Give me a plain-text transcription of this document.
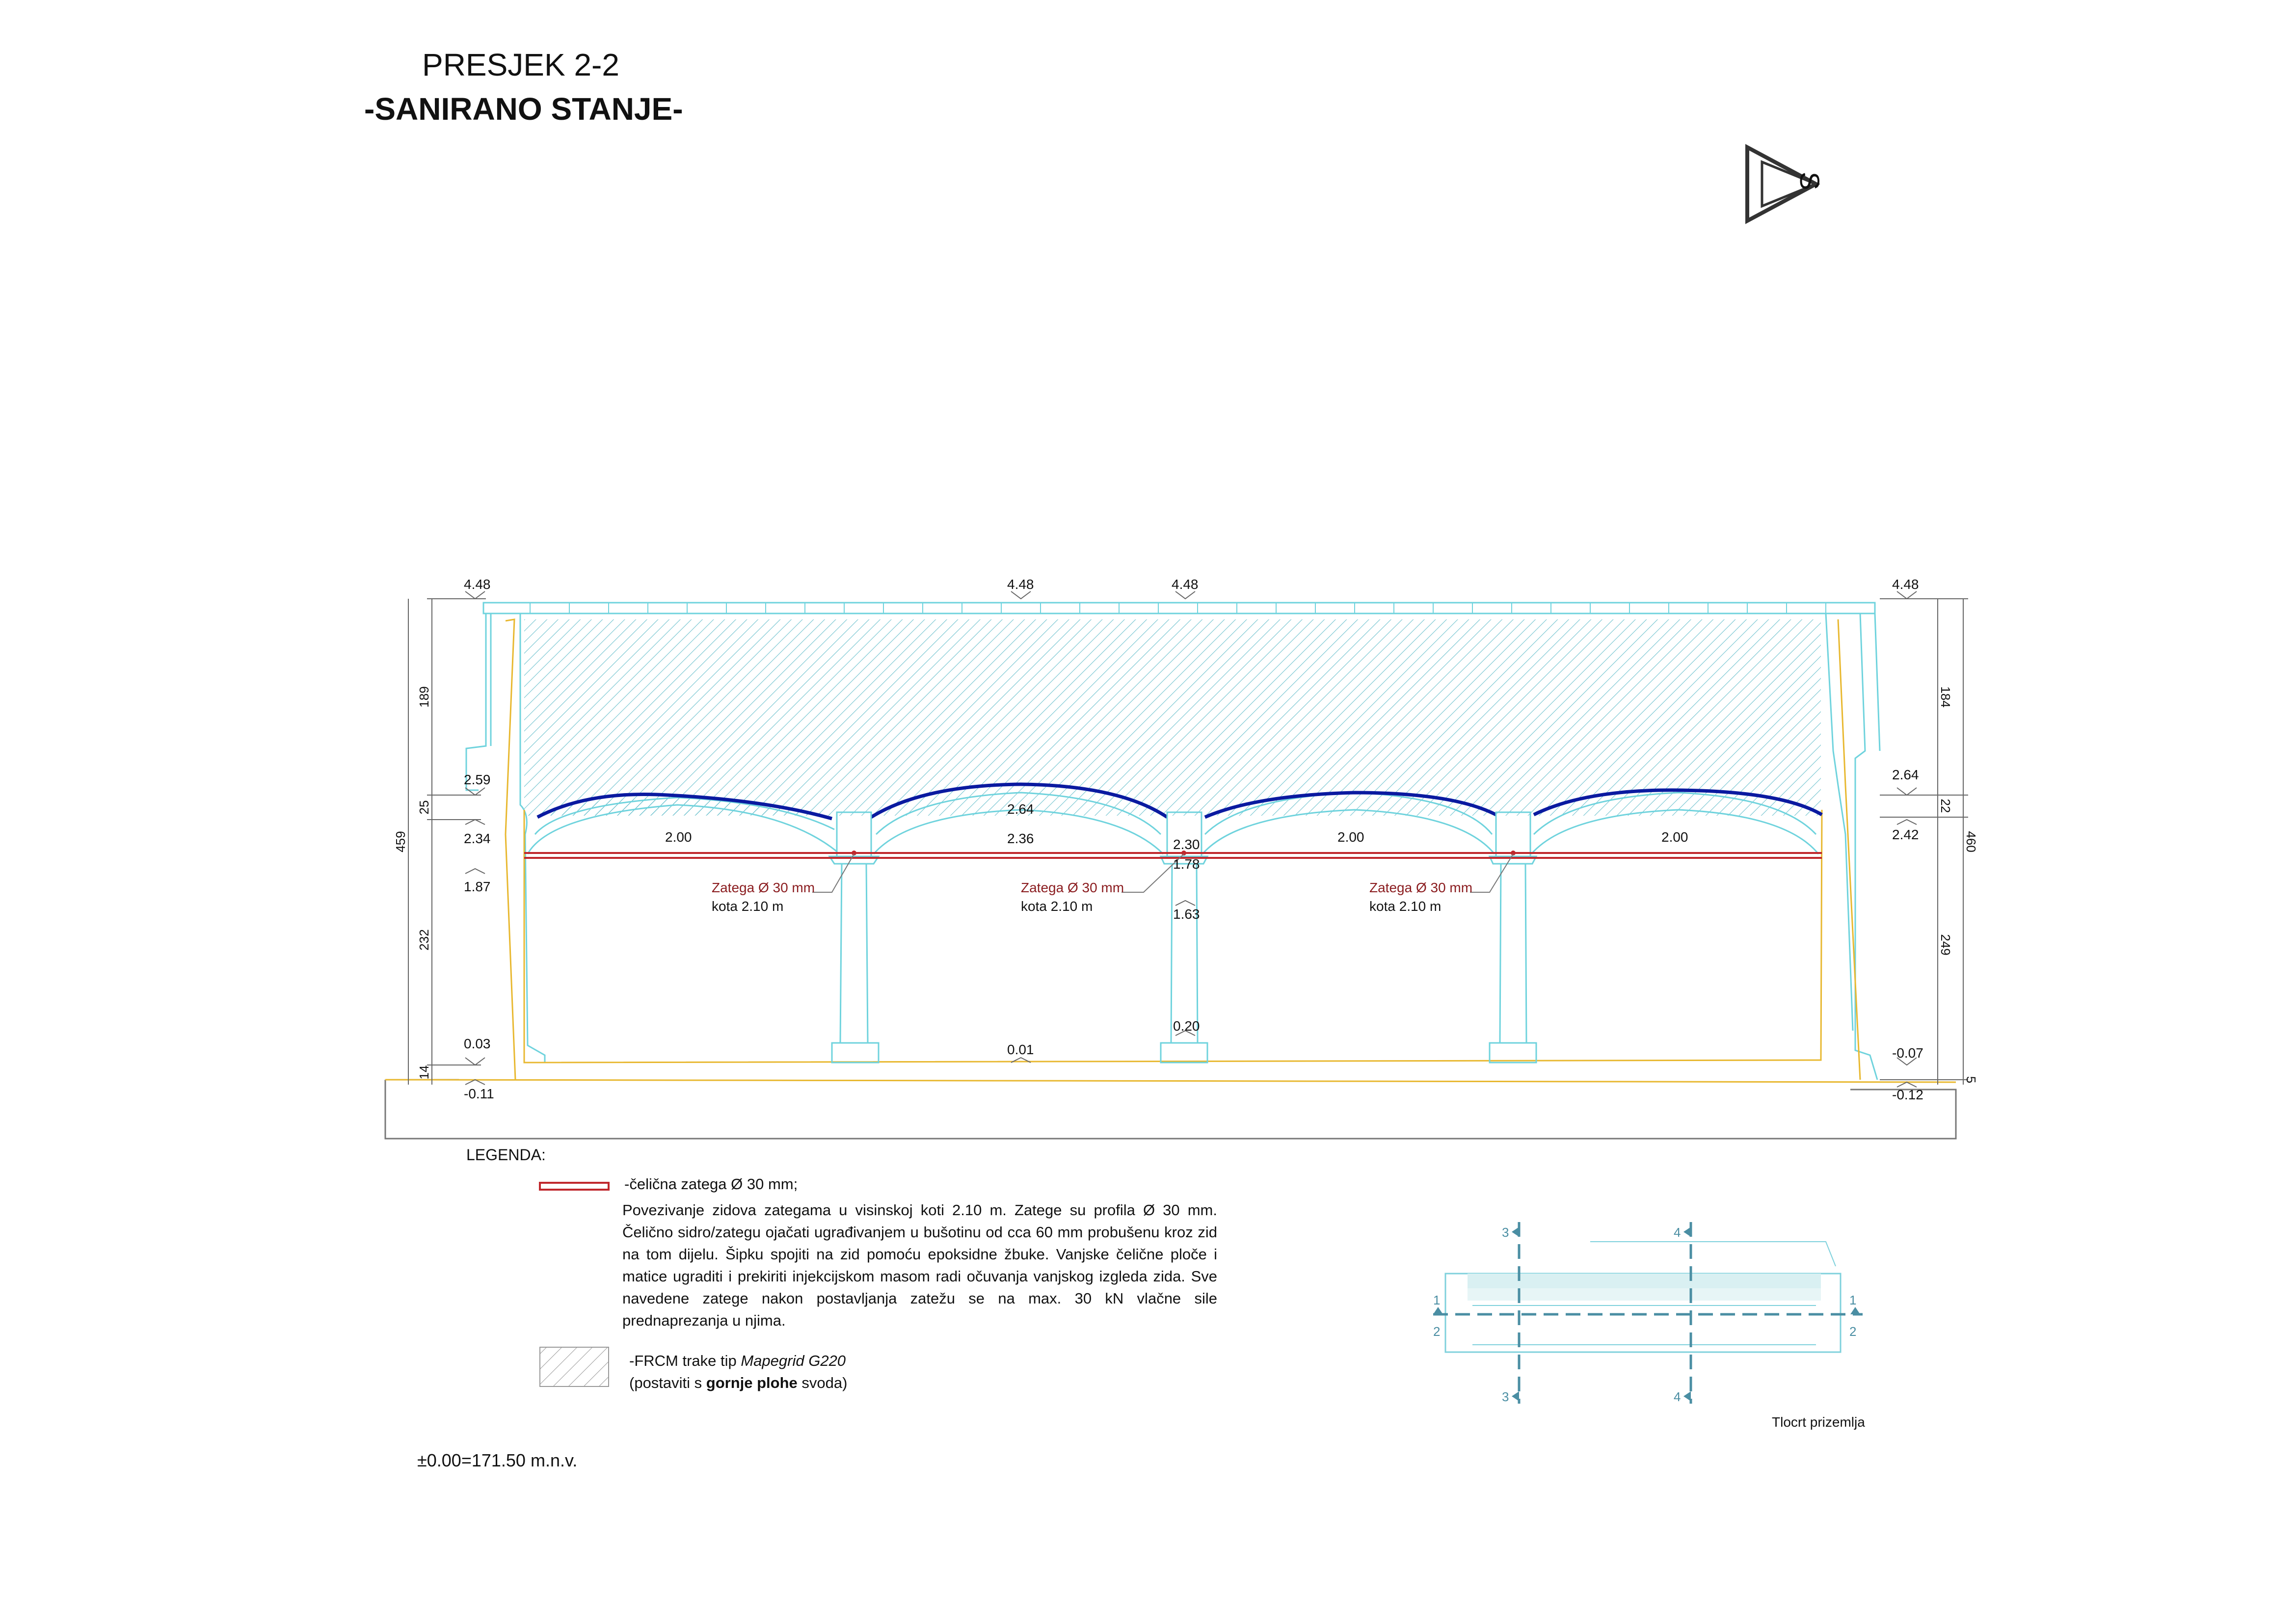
PRESJEK 2-2
-SANIRANO STANJE-
4.48	4.48	4.48	4.48
2.59
2.34
1.87
0.03
-0.11
2.64
2.42
-0.07
-0.12
2.64
2.36
0.01
2.30
1.78
1.63
0.20
2.00	2.00	2.00
459
189
25
232
14
460
184
22
249
5
Zatega Ø 30 mm
kota 2.10 m
Zatega Ø 30 mm
kota 2.10 m
Zatega Ø 30 mm
kota 2.10 m
3	4
3	4
1
2
1
2
S
LEGENDA:
-čelična zatega Ø 30 mm;
Povezivanje zidova zategama u visinskoj koti 2.10 m. Zatege su profila Ø 30 mm. Čelično sidro/zategu ojačati ugrađivanjem u bušotinu od cca 60 mm probušenu kroz zid na tom dijelu. Šipku spojiti na zid pomoću epoksidne žbuke. Vanjske čelične ploče i matice ugraditi i prekiriti injekcijskom masom radi očuvanja vanjskog izgleda zida. Sve navedene zatege nakon postavljanja zatežu se na max. 30 kN vlačne sile prednaprezanja u njima.
-FRCM trake tip Mapegrid G220
(postaviti s gornje plohe svoda)
±0.00=171.50 m.n.v.
Tlocrt prizemlja
